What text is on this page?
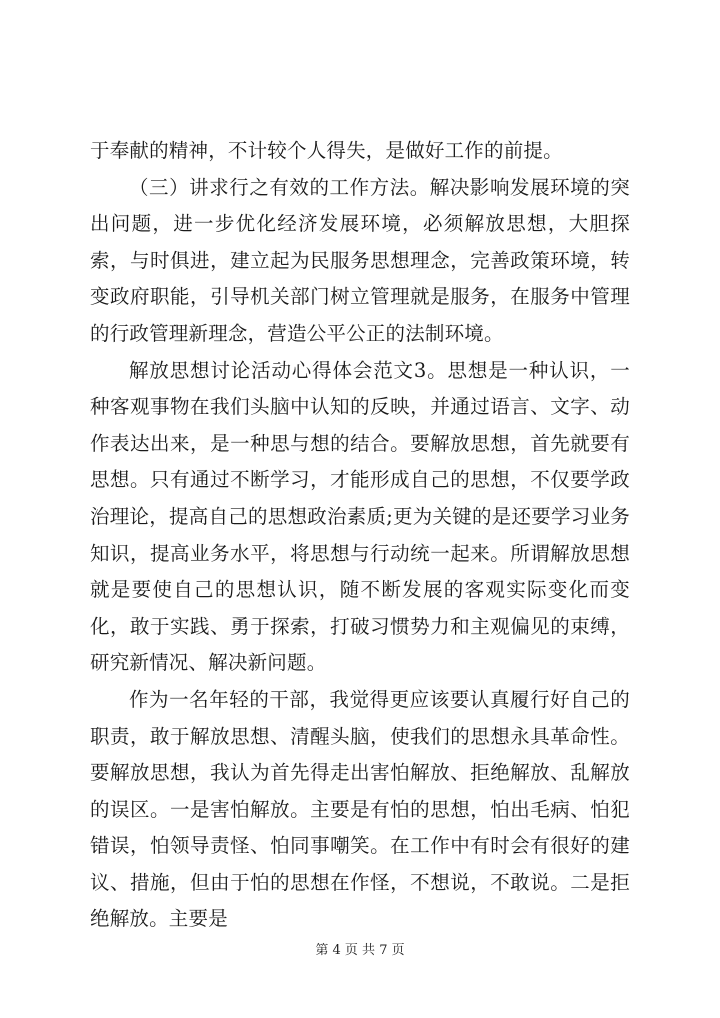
于奉献的精神，不计较个人得失，是做好工作的前提。

（三）讲求行之有效的工作方法。解决影响发展环境的突出问题，进一步优化经济发展环境，必须解放思想，大胆探索，与时俱进，建立起为民服务思想理念，完善政策环境，转变政府职能，引导机关部门树立管理就是服务，在服务中管理的行政管理新理念，营造公平公正的法制环境。

解放思想讨论活动心得体会范文3。思想是一种认识，一种客观事物在我们头脑中认知的反映，并通过语言、文字、动作表达出来，是一种思与想的结合。要解放思想，首先就要有思想。只有通过不断学习，才能形成自己的思想，不仅要学政治理论，提高自己的思想政治素质;更为关键的是还要学习业务知识，提高业务水平，将思想与行动统一起来。所谓解放思想就是要使自己的思想认识，随不断发展的客观实际变化而变化，敢于实践、勇于探索，打破习惯势力和主观偏见的束缚，研究新情况、解决新问题。

作为一名年轻的干部，我觉得更应该要认真履行好自己的职责，敢于解放思想、清醒头脑，使我们的思想永具革命性。要解放思想，我认为首先得走出害怕解放、拒绝解放、乱解放的误区。一是害怕解放。主要是有怕的思想，怕出毛病、怕犯错误，怕领导责怪、怕同事嘲笑。在工作中有时会有很好的建议、措施，但由于怕的思想在作怪，不想说，不敢说。二是拒绝解放。主要是

第 4 页 共 7 页
